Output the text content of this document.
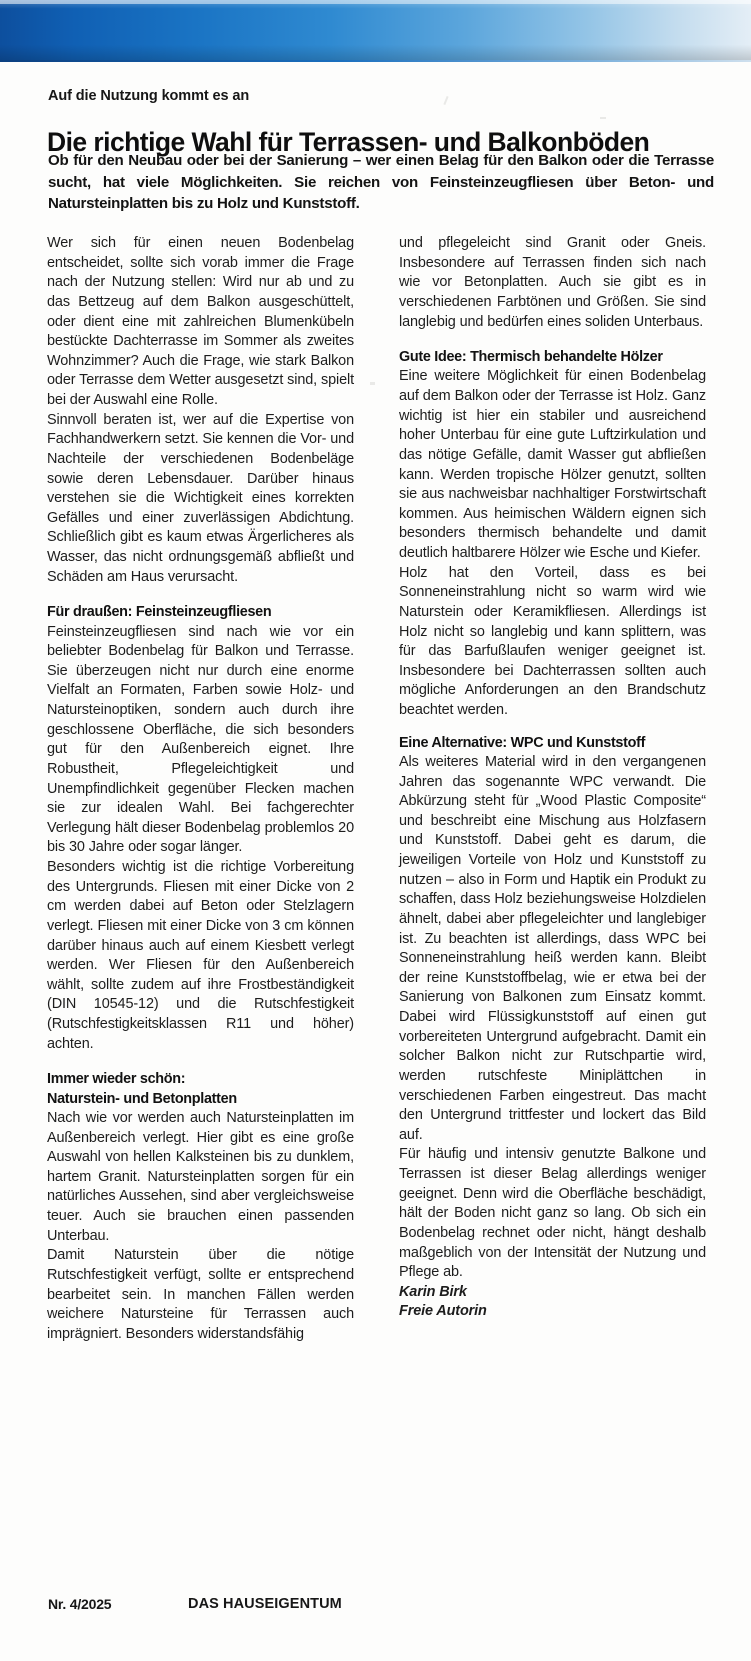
Auf die Nutzung kommt es an
Die richtige Wahl für Terrassen- und Balkonböden
Ob für den Neubau oder bei der Sanierung – wer einen Belag für den Balkon oder die Terrasse sucht, hat viele Möglichkeiten. Sie reichen von Feinsteinzeugfliesen über Beton- und Natursteinplatten bis zu Holz und Kunststoff.

Wer sich für einen neuen Bodenbelag entscheidet, sollte sich vorab immer die Frage nach der Nutzung stellen: Wird nur ab und zu das Bettzeug auf dem Balkon ausgeschüttelt, oder dient eine mit zahlreichen Blumenkübeln bestückte Dachterrasse im Sommer als zweites Wohnzimmer? Auch die Frage, wie stark Balkon oder Terrasse dem Wetter ausgesetzt sind, spielt bei der Auswahl eine Rolle.

Sinnvoll beraten ist, wer auf die Expertise von Fachhandwerkern setzt. Sie kennen die Vor- und Nachteile der verschiedenen Bodenbeläge sowie deren Lebensdauer. Darüber hinaus verstehen sie die Wichtigkeit eines korrekten Gefälles und einer zuverlässigen Abdichtung. Schließlich gibt es kaum etwas Ärgerlicheres als Wasser, das nicht ordnungsgemäß abfließt und Schäden am Haus verursacht.

Für draußen: Feinsteinzeugfliesen

Feinsteinzeugfliesen sind nach wie vor ein beliebter Bodenbelag für Balkon und Terrasse. Sie überzeugen nicht nur durch eine enorme Vielfalt an Formaten, Farben sowie Holz- und Natursteinoptiken, sondern auch durch ihre geschlossene Oberfläche, die sich besonders gut für den Außenbereich eignet. Ihre Robustheit, Pflegeleichtigkeit und Unempfindlichkeit gegenüber Flecken machen sie zur idealen Wahl. Bei fachgerechter Verlegung hält dieser Bodenbelag problemlos 20 bis 30 Jahre oder sogar länger.

Besonders wichtig ist die richtige Vorbereitung des Untergrunds. Fliesen mit einer Dicke von 2 cm werden dabei auf Beton oder Stelzlagern verlegt. Fliesen mit einer Dicke von 3 cm können darüber hinaus auch auf einem Kiesbett verlegt werden. Wer Fliesen für den Außenbereich wählt, sollte zudem auf ihre Frostbeständigkeit (DIN 10545-12) und die Rutschfestigkeit (Rutschfestigkeitsklassen R11 und höher) achten.

Immer wieder schön:
Naturstein- und Betonplatten

Nach wie vor werden auch Natursteinplatten im Außenbereich verlegt. Hier gibt es eine große Auswahl von hellen Kalksteinen bis zu dunklem, hartem Granit. Natursteinplatten sorgen für ein natürliches Aussehen, sind aber vergleichsweise teuer. Auch sie brauchen einen passenden Unterbau.

Damit Naturstein über die nötige Rutschfestigkeit verfügt, sollte er entsprechend bearbeitet sein. In manchen Fällen werden weichere Natursteine für Terrassen auch imprägniert. Besonders widerstandsfähig

und pflegeleicht sind Granit oder Gneis. Insbesondere auf Terrassen finden sich nach wie vor Betonplatten. Auch sie gibt es in verschiedenen Farbtönen und Größen. Sie sind langlebig und bedürfen eines soliden Unterbaus.

Gute Idee: Thermisch behandelte Hölzer

Eine weitere Möglichkeit für einen Bodenbelag auf dem Balkon oder der Terrasse ist Holz. Ganz wichtig ist hier ein stabiler und ausreichend hoher Unterbau für eine gute Luftzirkulation und das nötige Gefälle, damit Wasser gut abfließen kann. Werden tropische Hölzer genutzt, sollten sie aus nachweisbar nachhaltiger Forstwirtschaft kommen. Aus heimischen Wäldern eignen sich besonders thermisch behandelte und damit deutlich haltbarere Hölzer wie Esche und Kiefer.

Holz hat den Vorteil, dass es bei Sonneneinstrahlung nicht so warm wird wie Naturstein oder Keramikfliesen. Allerdings ist Holz nicht so langlebig und kann splittern, was für das Barfußlaufen weniger geeignet ist. Insbesondere bei Dachterrassen sollten auch mögliche Anforderungen an den Brandschutz beachtet werden.

Eine Alternative: WPC und Kunststoff

Als weiteres Material wird in den vergangenen Jahren das sogenannte WPC verwandt. Die Abkürzung steht für „Wood Plastic Composite“ und beschreibt eine Mischung aus Holzfasern und Kunststoff. Dabei geht es darum, die jeweiligen Vorteile von Holz und Kunststoff zu nutzen – also in Form und Haptik ein Produkt zu schaffen, dass Holz beziehungsweise Holzdielen ähnelt, dabei aber pflegeleichter und langlebiger ist. Zu beachten ist allerdings, dass WPC bei Sonneneinstrahlung heiß werden kann. Bleibt der reine Kunststoffbelag, wie er etwa bei der Sanierung von Balkonen zum Einsatz kommt. Dabei wird Flüssigkunststoff auf einen gut vorbereiteten Untergrund aufgebracht. Damit ein solcher Balkon nicht zur Rutschpartie wird, werden rutschfeste Miniplättchen in verschiedenen Farben eingestreut. Das macht den Untergrund trittfester und lockert das Bild auf.

Für häufig und intensiv genutzte Balkone und Terrassen ist dieser Belag allerdings weniger geeignet. Denn wird die Oberfläche beschädigt, hält der Boden nicht ganz so lang. Ob sich ein Bodenbelag rechnet oder nicht, hängt deshalb maßgeblich von der Intensität der Nutzung und Pflege ab.

Karin Birk

Freie Autorin

Nr. 4/2025	DAS HAUSEIGENTUM
